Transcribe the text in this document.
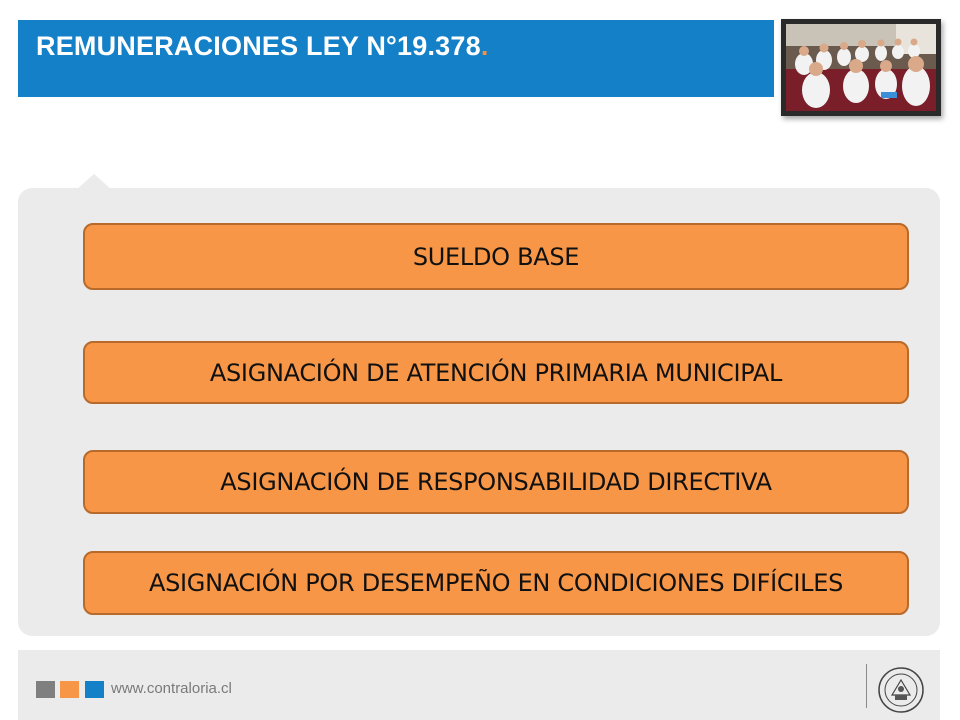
REMUNERACIONES LEY N°19.378.
SUELDO BASE
ASIGNACIÓN DE ATENCIÓN PRIMARIA MUNICIPAL
ASIGNACIÓN DE RESPONSABILIDAD DIRECTIVA
ASIGNACIÓN POR DESEMPEÑO EN CONDICIONES DIFÍCILES
www.contraloria.cl
